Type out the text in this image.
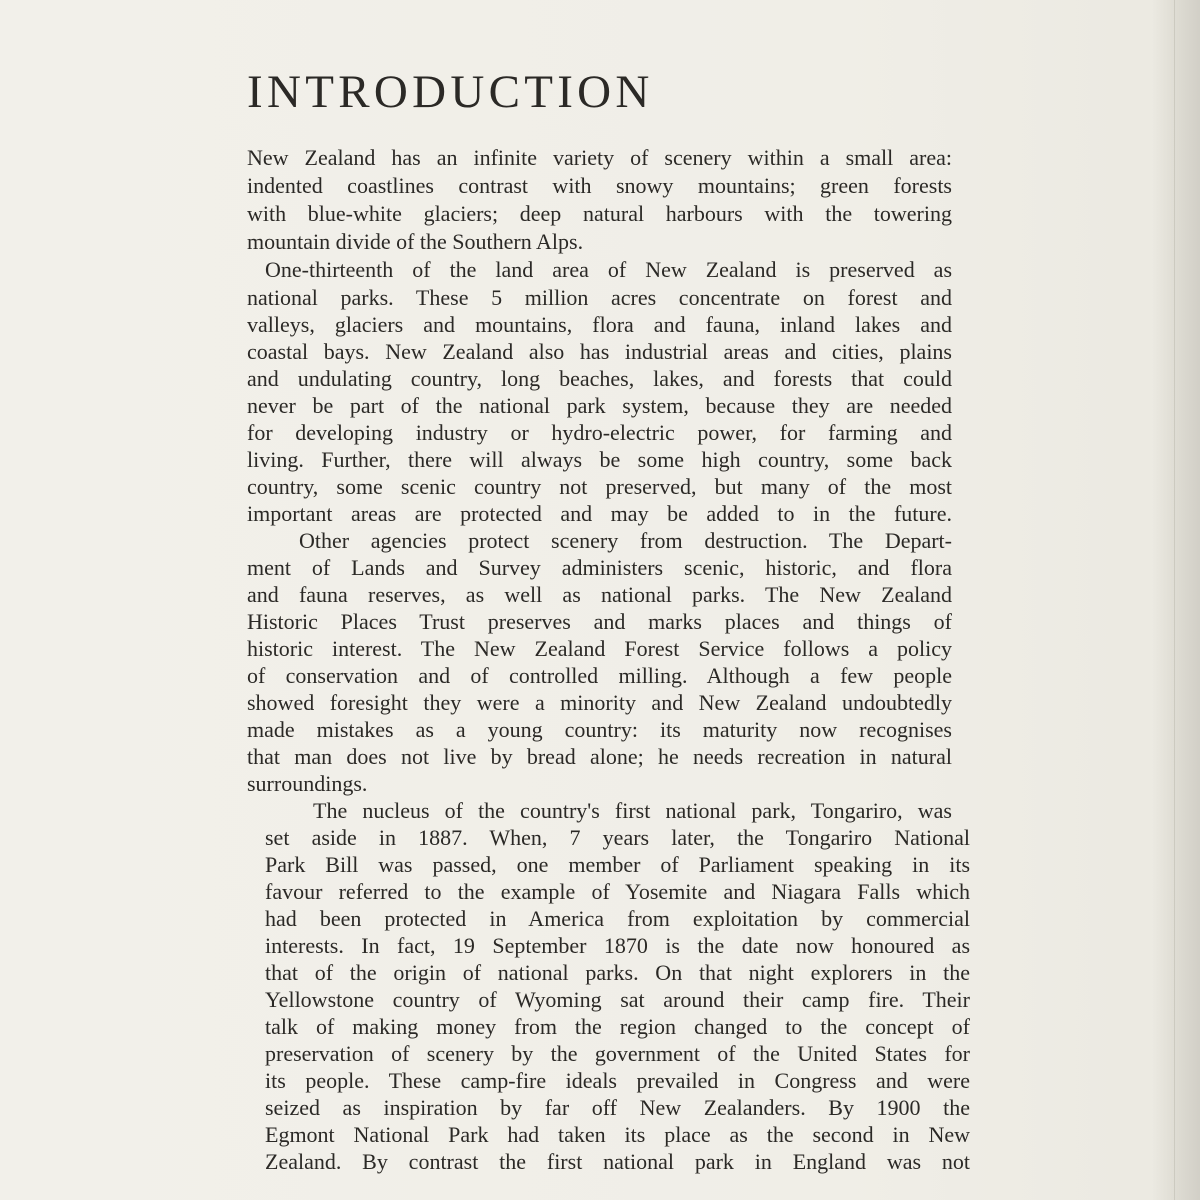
INTRODUCTION
New Zealand has an infinite variety of scenery within a small area:
indented coastlines contrast with snowy mountains; green forests
with blue-white glaciers; deep natural harbours with the towering
mountain divide of the Southern Alps.
One-thirteenth of the land area of New Zealand is preserved as
national parks. These 5 million acres concentrate on forest and
valleys, glaciers and mountains, flora and fauna, inland lakes and
coastal bays. New Zealand also has industrial areas and cities, plains
and undulating country, long beaches, lakes, and forests that could
never be part of the national park system, because they are needed
for developing industry or hydro-electric power, for farming and
living. Further, there will always be some high country, some back
country, some scenic country not preserved, but many of the most
important areas are protected and may be added to in the future.
Other agencies protect scenery from destruction. The Depart-
ment of Lands and Survey administers scenic, historic, and flora
and fauna reserves, as well as national parks. The New Zealand
Historic Places Trust preserves and marks places and things of
historic interest. The New Zealand Forest Service follows a policy
of conservation and of controlled milling. Although a few people
showed foresight they were a minority and New Zealand undoubtedly
made mistakes as a young country: its maturity now recognises
that man does not live by bread alone; he needs recreation in natural
surroundings.
The nucleus of the country's first national park, Tongariro, was
set aside in 1887. When, 7 years later, the Tongariro National
Park Bill was passed, one member of Parliament speaking in its
favour referred to the example of Yosemite and Niagara Falls which
had been protected in America from exploitation by commercial
interests. In fact, 19 September 1870 is the date now honoured as
that of the origin of national parks. On that night explorers in the
Yellowstone country of Wyoming sat around their camp fire. Their
talk of making money from the region changed to the concept of
preservation of scenery by the government of the United States for
its people. These camp-fire ideals prevailed in Congress and were
seized as inspiration by far off New Zealanders. By 1900 the
Egmont National Park had taken its place as the second in New
Zealand. By contrast the first national park in England was not
